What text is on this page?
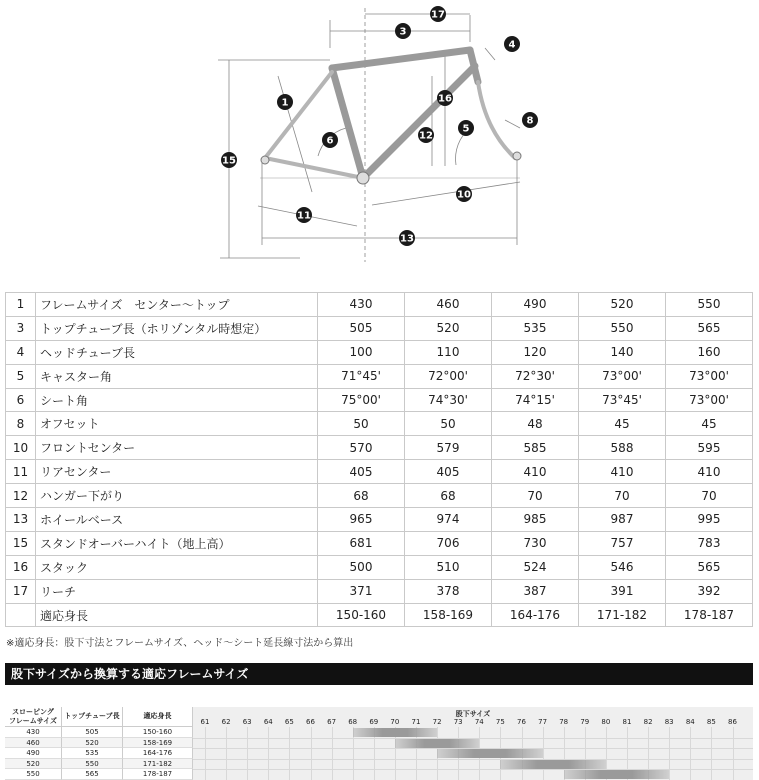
17
3
4
1	16
8
5
6	12
15
10
11
13
1	フレームサイズ　センター〜トップ	430	460	490	520	550
3	トップチューブ長（ホリゾンタル時想定）	505	520	535	550	565
4	ヘッドチューブ長	100	110	120	140	160
5	キャスター角	71°45'	72°00'	72°30'	73°00'	73°00'
6	シート角	75°00'	74°30'	74°15'	73°45'	73°00'
8	オフセット	50	50	48	45	45
10	フロントセンター	570	579	585	588	595
11	リアセンター	405	405	410	410	410
12	ハンガー下がり	68	68	70	70	70
13	ホイールベース	965	974	985	987	995
15	スタンドオーバーハイト（地上高）	681	706	730	757	783
16	スタック	500	510	524	546	565
17	リーチ	371	378	387	391	392
	適応身長	150-160	158-169	164-176	171-182	178-187
※適応身長：股下寸法とフレームサイズ、ヘッド〜シート延長線寸法から算出
股下サイズから換算する適応フレームサイズ
スローピング
フレームサイズ
トップチューブ長	適応身長	股下サイズ
61	62	63	64	65	66	67	68	69	70	71	72	73	74	75	76	77	78	79	80	81	82	83	84	85	86
430	505	150-160
460	520	158-169
490	535	164-176
520	550	171-182
550	565	178-187
